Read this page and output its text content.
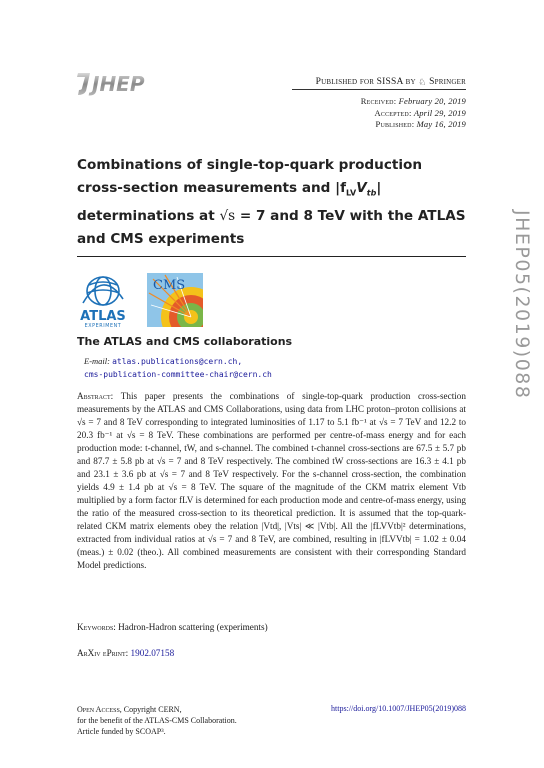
JHEP	Published for SISSA by ♘ Springer
Received: February 20, 2019
Accepted: April 29, 2019
Published: May 16, 2019
Combinations of single-top-quark production
cross-section measurements and $|f_{LV}V_{tb}|$
determinations at √s = 7 and 8 TeV with the ATLAS
and CMS experiments	JHEP05(2019)088
ATLAS
EXPERIMENT
CMS
The ATLAS and CMS collaborations
E-mail: atlas.publications@cern.ch,
cms-publication-committee-chair@cern.ch
Abstract: This paper presents the combinations of single-top-quark production cross-section measurements by the ATLAS and CMS Collaborations, using data from LHC proton–proton collisions at √s = 7 and 8 TeV corresponding to integrated luminosities of 1.17 to 5.1 fb⁻¹ at √s = 7 TeV and 12.2 to 20.3 fb⁻¹ at √s = 8 TeV. These combinations are performed per centre-of-mass energy and for each production mode: t-channel, tW, and s-channel. The combined t-channel cross-sections are 67.5 ± 5.7 pb and 87.7 ± 5.8 pb at √s = 7 and 8 TeV respectively. The combined tW cross-sections are 16.3 ± 4.1 pb and 23.1 ± 3.6 pb at √s = 7 and 8 TeV respectively. For the s-channel cross-section, the combination yields 4.9 ± 1.4 pb at √s = 8 TeV. The square of the magnitude of the CKM matrix element Vtb multiplied by a form factor fLV is determined for each production mode and centre-of-mass energy, using the ratio of the measured cross-section to its theoretical prediction. It is assumed that the top-quark-related CKM matrix elements obey the relation |Vtd|, |Vts| ≪ |Vtb|. All the |fLVVtb|² determinations, extracted from individual ratios at √s = 7 and 8 TeV, are combined, resulting in |fLVVtb| = 1.02 ± 0.04 (meas.) ± 0.02 (theo.). All combined measurements are consistent with their corresponding Standard Model predictions.
Keywords: Hadron-Hadron scattering (experiments)
ArXiv ePrint: 1902.07158
Open Access, Copyright CERN,
for the benefit of the ATLAS-CMS Collaboration.
Article funded by SCOAP³.
https://doi.org/10.1007/JHEP05(2019)088
